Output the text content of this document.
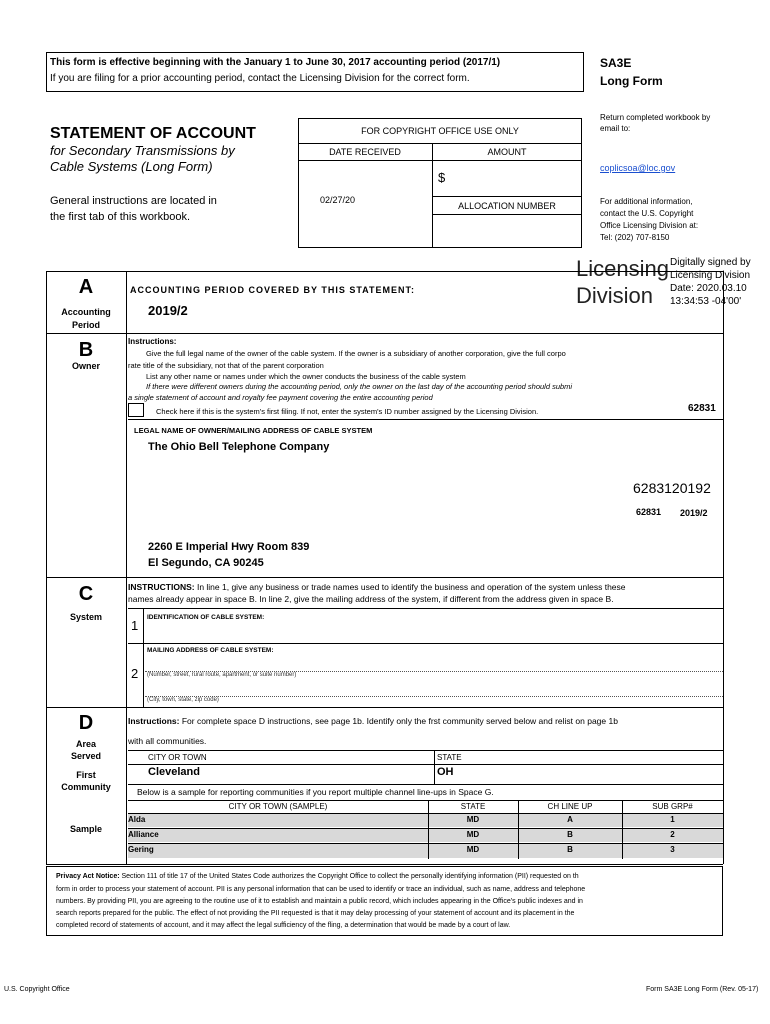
This form is effective beginning with the January 1 to June 30, 2017 accounting period (2017/1)
If you are filing for a prior accounting period, contact the Licensing Division for the correct form.
SA3E
Long Form
Return completed workbook by email to:
coplicsoa@loc.gov
For additional information,
contact the U.S. Copyright
Office Licensing Division at:
Tel: (202) 707-8150
STATEMENT OF ACCOUNT
for Secondary Transmissions by
Cable Systems (Long Form)
General instructions are located in
the first tab of this workbook.
FOR COPYRIGHT OFFICE USE ONLY
DATE RECEIVED	AMOUNT
$
02/27/20
ALLOCATION NUMBER
Licensing
Division
Digitally signed by
Licensing Division
Date: 2020.03.10
13:34:53 -04'00'
A
Accounting
Period
ACCOUNTING PERIOD COVERED BY THIS STATEMENT:
2019/2
B
Owner
Instructions:
Give the full legal name of the owner of the cable system. If the owner is a subsidiary of another corporation, give the full corpo
rate title of the subsidiary, not that of the parent corporation
List any other name or names under which the owner conducts the business of the cable system
If there were different owners during the accounting period, only the owner on the last day of the accounting period should submi
a single statement of account and royalty fee payment covering the entire accounting period
Check here if this is the system's first filing. If not, enter the system's ID number assigned by the Licensing Division.	62831
LEGAL NAME OF OWNER/MAILING ADDRESS OF CABLE SYSTEM
The Ohio Bell Telephone Company
6283120192
62831 2019/2
2260 E Imperial Hwy Room 839
El Segundo, CA 90245
C
System
INSTRUCTIONS: In line 1, give any business or trade names used to identify the business and operation of the system unless these
names already appear in space B. In line 2, give the mailing address of the system, if different from the address given in space B.
1
IDENTIFICATION OF CABLE SYSTEM:
MAILING ADDRESS OF CABLE SYSTEM:
2 (Number, street, rural route, apartment, or suite number)
(City, town, state, zip code)
D
Area
Served
First
Community
Sample
Instructions: For complete space D instructions, see page 1b. Identify only the frst community served below and relist on page 1b
with all communities.
CITY OR TOWN	STATE
Cleveland	OH
Below is a sample for reporting communities if you report multiple channel line-ups in Space G.
CITY OR TOWN (SAMPLE)	STATE	CH LINE UP	SUB GRP#
Alda	MD	A	1
Alliance	MD	B	2
Gering	MD	B	3
Privacy Act Notice: Section 111 of title 17 of the United States Code authorizes the Copyright Office to collect the personally identifying information (PII) requested on th
form in order to process your statement of account. PII is any personal information that can be used to identify or trace an individual, such as name, address and telephone
numbers. By providing PII, you are agreeing to the routine use of it to establish and maintain a public record, which includes appearing in the Office's public indexes and in
search reports prepared for the public. The effect of not providing the PII requested is that it may delay processing of your statement of account and its placement in the
completed record of statements of account, and it may affect the legal sufficiency of the fling, a determination that would be made by a court of law.
U.S. Copyright Office	Form SA3E Long Form (Rev. 05-17)
